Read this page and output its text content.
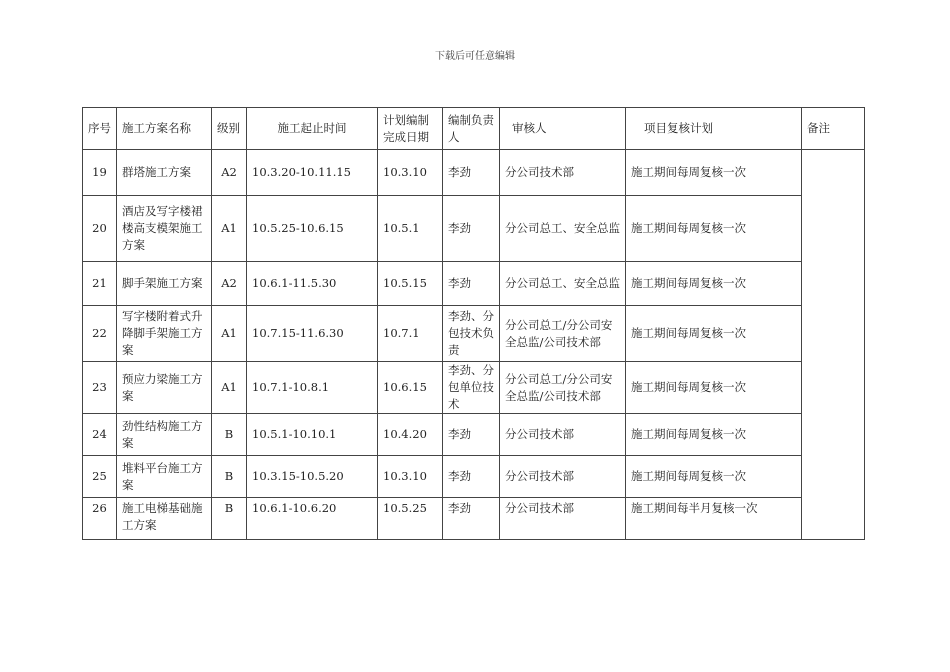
下载后可任意编辑
序号	施工方案名称	级别	施工起止时间	计划编制完成日期	编制负责人	审核人	项目复核计划	备注
19	群塔施工方案	A2	10.3.20-10.11.15	10.3.10	李劲	分公司技术部	施工期间每周复核一次	
20	酒店及写字楼裙楼高支模架施工方案	A1	10.5.25-10.6.15	10.5.1	李劲	分公司总工、安全总监	施工期间每周复核一次	
21	脚手架施工方案	A2	10.6.1-11.5.30	10.5.15	李劲	分公司总工、安全总监	施工期间每周复核一次	
22	写字楼附着式升降脚手架施工方案	A1	10.7.15-11.6.30	10.7.1	李劲、分包技术负责	分公司总工/分公司安全总监/公司技术部	施工期间每周复核一次	
23	预应力梁施工方案	A1	10.7.1-10.8.1	10.6.15	李劲、分包单位技术	分公司总工/分公司安全总监/公司技术部	施工期间每周复核一次	
24	劲性结构施工方案	B	10.5.1-10.10.1	10.4.20	李劲	分公司技术部	施工期间每周复核一次	
25	堆料平台施工方案	B	10.3.15-10.5.20	10.3.10	李劲	分公司技术部	施工期间每周复核一次	
26	施工电梯基础施工方案	B	10.6.1-10.6.20	10.5.25	李劲	分公司技术部	施工期间每半月复核一次	
